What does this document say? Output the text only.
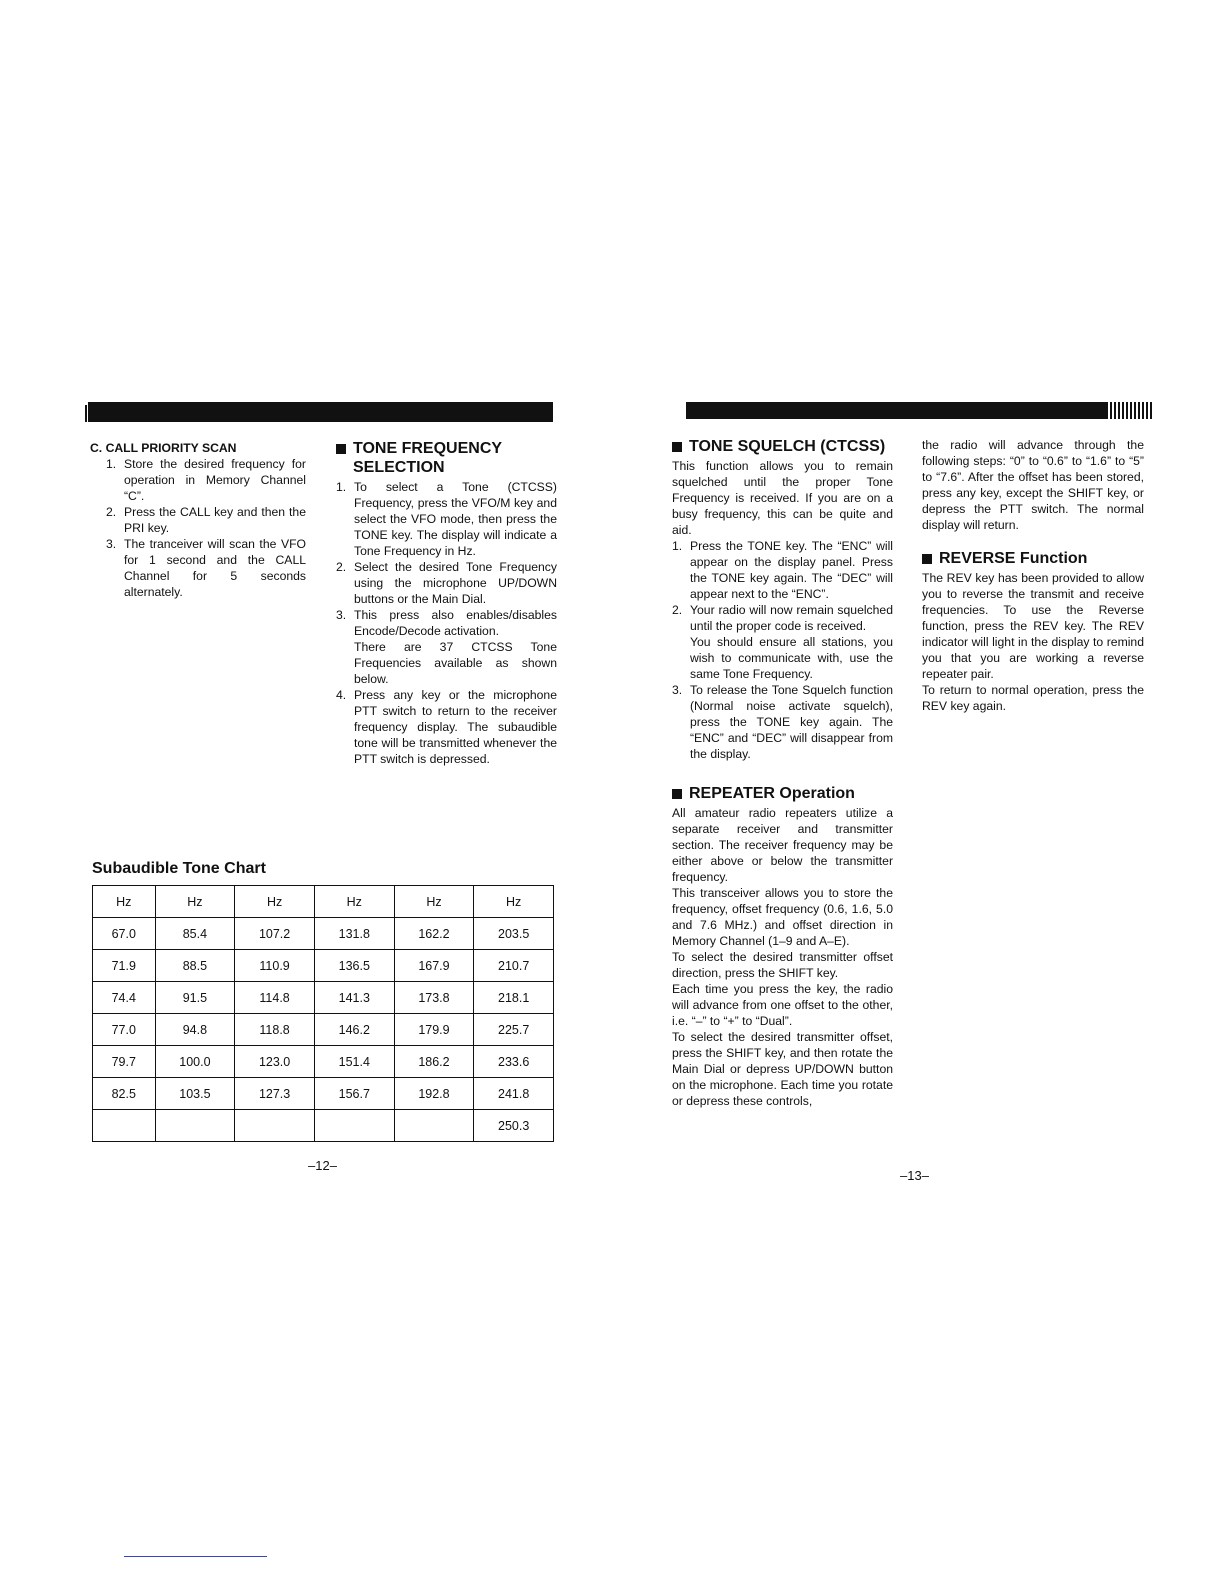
C. CALL PRIORITY SCAN

1. Store the desired frequency for operation in Memory Channel “C”.
2. Press the CALL key and then the PRI key.
3. The tranceiver will scan the VFO for 1 second and the CALL Channel for 5 seconds alternately.
TONE FREQUENCY SELECTION
1. To select a Tone (CTCSS) Frequency, press the VFO/M key and select the VFO mode, then press the TONE key. The display will indicate a Tone Frequency in Hz.
2. Select the desired Tone Frequency using the microphone UP/DOWN buttons or the Main Dial.
3. This press also enables/disables Encode/Decode activation.
There are 37 CTCSS Tone Frequencies available as shown below.
4. Press any key or the microphone PTT switch to return to the receiver frequency display. The subaudible tone will be transmitted whenever the PTT switch is depressed.
Subaudible Tone Chart
Hz	Hz	Hz	Hz	Hz	Hz
67.0	85.4	107.2	131.8	162.2	203.5
71.9	88.5	110.9	136.5	167.9	210.7
74.4	91.5	114.8	141.3	173.8	218.1
77.0	94.8	118.8	146.2	179.9	225.7
79.7	100.0	123.0	151.4	186.2	233.6
82.5	103.5	127.3	156.7	192.8	241.8
					250.3
–12–
TONE SQUELCH (CTCSS)

This function allows you to remain squelched until the proper Tone Frequency is received. If you are on a busy frequency, this can be quite and aid.

1. Press the TONE key. The “ENC” will appear on the display panel. Press the TONE key again. The “DEC” will appear next to the “ENC”.
2. Your radio will now remain squelched until the proper code is received.
You should ensure all stations, you wish to communicate with, use the same Tone Frequency.
3. To release the Tone Squelch function (Normal noise activate squelch), press the TONE key again. The “ENC” and “DEC” will disappear from the display.
REPEATER Operation

All amateur radio repeaters utilize a separate receiver and transmitter section. The receiver frequency may be either above or below the transmitter frequency.

This transceiver allows you to store the frequency, offset frequency (0.6, 1.6, 5.0 and 7.6 MHz.) and offset direction in Memory Channel (1–9 and A–E).

To select the desired transmitter offset direction, press the SHIFT key.

Each time you press the key, the radio will advance from one offset to the other, i.e. “–” to “+” to “Dual”.

To select the desired transmitter offset, press the SHIFT key, and then rotate the Main Dial or depress UP/DOWN button on the microphone. Each time you rotate or depress these controls,

the radio will advance through the following steps: “0” to “0.6” to “1.6” to “5” to “7.6”. After the offset has been stored, press any key, except the SHIFT key, or depress the PTT switch. The normal display will return.

REVERSE Function

The REV key has been provided to allow you to reverse the transmit and receive frequencies. To use the Reverse function, press the REV key. The REV indicator will light in the display to remind you that you are working a reverse repeater pair.

To return to normal operation, press the REV key again.

–13–
